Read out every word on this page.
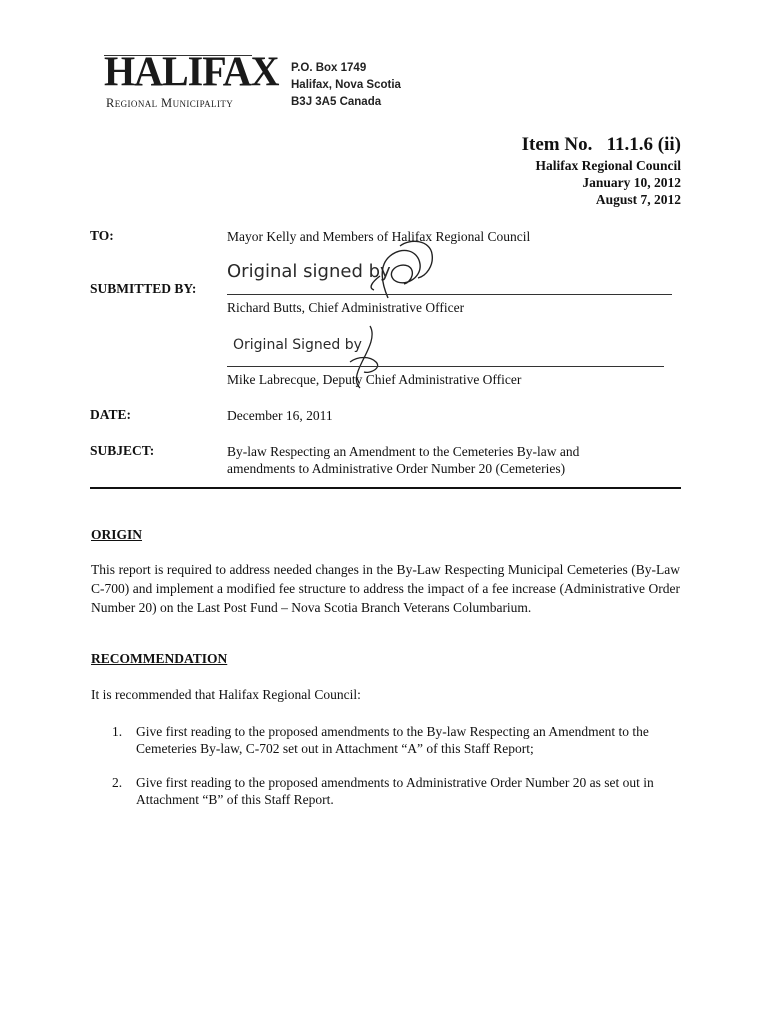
HALIFAX
Regional Municipality
P.O. Box 1749
Halifax, Nova Scotia
B3J 3A5 Canada
Item No.   11.1.6 (ii)
Halifax Regional Council
January 10, 2012
August 7, 2012
TO:	Mayor Kelly and Members of Halifax Regional Council
SUBMITTED BY:
Original signed by
Richard Butts, Chief Administrative Officer
Original Signed by
Mike Labrecque, Deputy Chief Administrative Officer
DATE:	December 16, 2011
SUBJECT:	By-law Respecting an Amendment to the Cemeteries By-law and amendments to Administrative Order Number 20 (Cemeteries)
ORIGIN
This report is required to address needed changes in the By-Law Respecting Municipal Cemeteries (By-Law C-700) and implement a modified fee structure to address the impact of a fee increase (Administrative Order Number 20) on the Last Post Fund – Nova Scotia Branch Veterans Columbarium.
RECOMMENDATION
It is recommended that Halifax Regional Council:
1.	Give first reading to the proposed amendments to the By-law Respecting an Amendment to the Cemeteries By-law, C-702 set out in Attachment “A” of this Staff Report;
2.	Give first reading to the proposed amendments to Administrative Order Number 20 as set out in Attachment “B” of this Staff Report.
